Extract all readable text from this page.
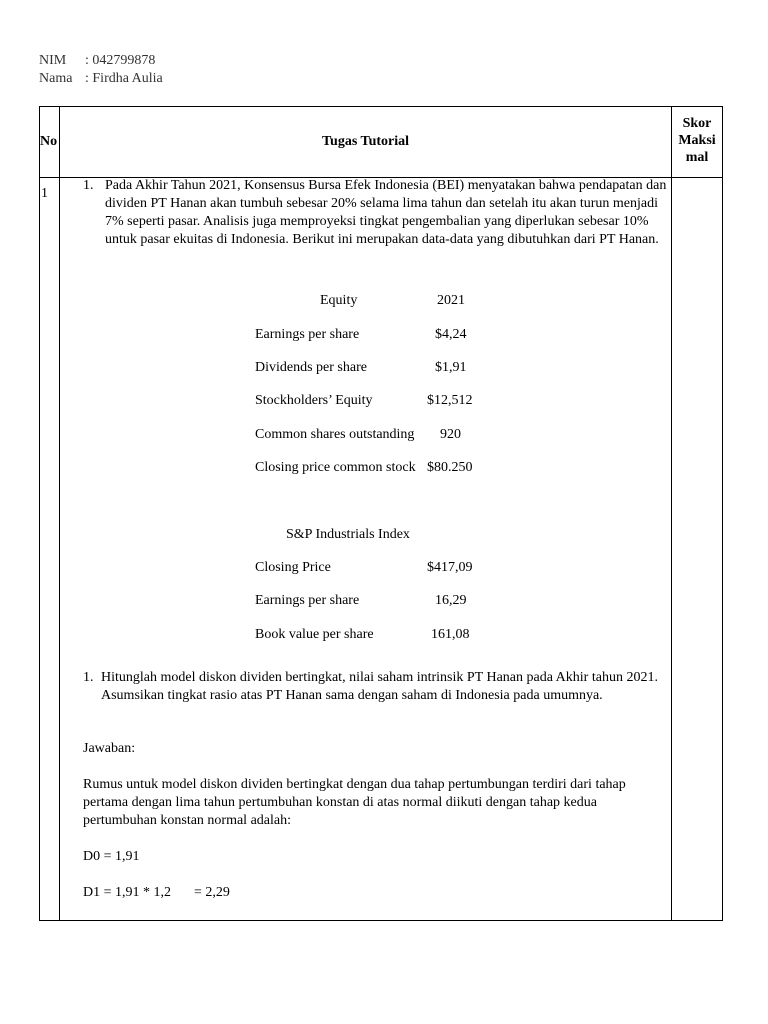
NIM : 042799878
Nama : Firdha Aulia
No	Tugas Tutorial
Skor Maksi mal
1
1. Pada Akhir Tahun 2021, Konsensus Bursa Efek Indonesia (BEI) menyatakan bahwa pendapatan dan dividen PT Hanan akan tumbuh sebesar 20% selama lima tahun dan setelah itu akan turun menjadi 7% seperti pasar. Analisis juga memproyeksi tingkat pengembalian yang diperlukan sebesar 10% untuk pasar ekuitas di Indonesia. Berikut ini merupakan data-data yang dibutuhkan dari PT Hanan.
Equity	2021
Earnings per share	$4,24
Dividends per share	$1,91
Stockholders’ Equity	$12,512
Common shares outstanding 920
Closing price common stock $80.250
S&P Industrials Index
Closing Price	$417,09
Earnings per share	16,29
Book value per share	161,08
1. Hitunglah model diskon dividen bertingkat, nilai saham intrinsik PT Hanan pada Akhir tahun 2021. Asumsikan tingkat rasio atas PT Hanan sama dengan saham di Indonesia pada umumnya.
Jawaban:
Rumus untuk model diskon dividen bertingkat dengan dua tahap pertumbungan terdiri dari tahap pertama dengan lima tahun pertumbuhan konstan di atas normal diikuti dengan tahap kedua pertumbuhan konstan normal adalah:
D0 = 1,91
D1 = 1,91 * 1,2 = 2,29
